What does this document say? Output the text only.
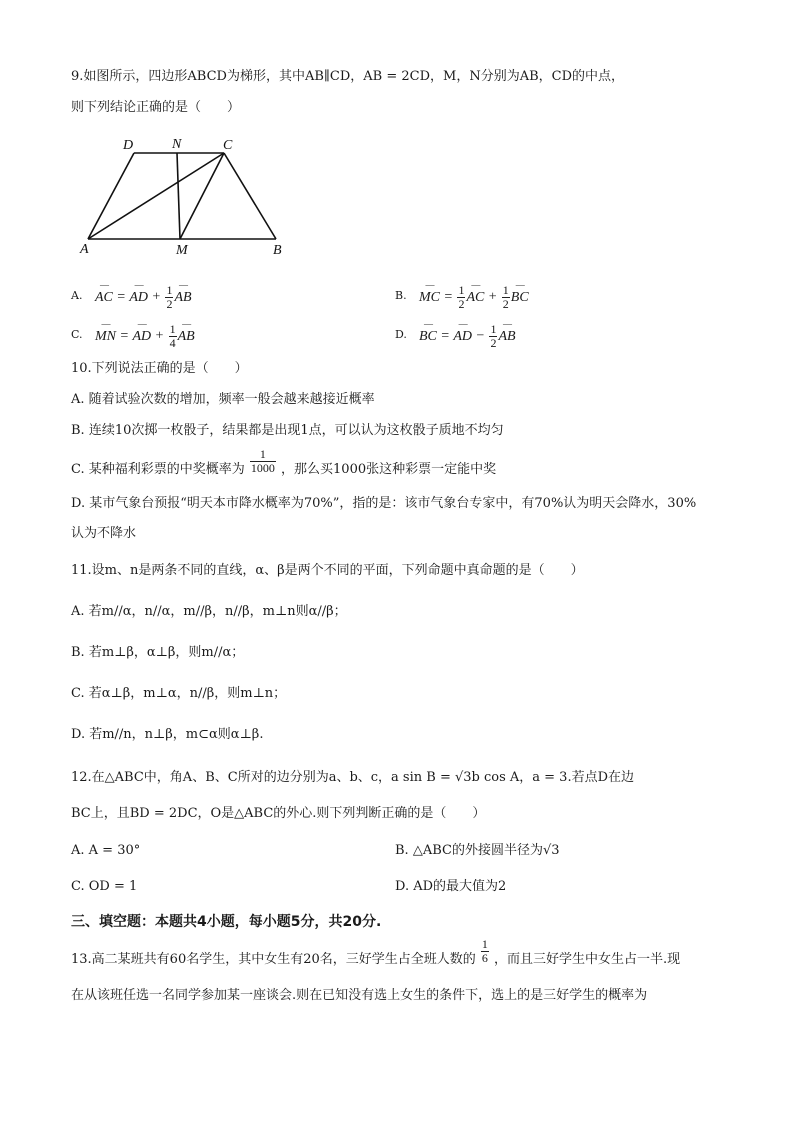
9.如图所示，四边形ABCD为梯形，其中AB∥CD，AB = 2CD，M，N分别为AB，CD的中点，
则下列结论正确的是（　　）
D	N	C
A	M	B
A. ― AC = ― AD + $\frac{1}{2}$ ― AB	B. ― MC = $\frac{1}{2}$ ― AC + $\frac{1}{2}$ ― BC
C. ― MN = ― AD + $\frac{1}{4}$ ― AB	D. ― BC = ― AD − $\frac{1}{2}$ ― AB
10.下列说法正确的是（　　）
A. 随着试验次数的增加，频率一般会越来越接近概率
B. 连续10次掷一枚骰子，结果都是出现1点，可以认为这枚骰子质地不均匀
C. 某种福利彩票的中奖概率为 $\frac{1}{1000}$ ，那么买1000张这种彩票一定能中奖
D. 某市气象台预报“明天本市降水概率为70%”，指的是：该市气象台专家中，有70%认为明天会降水，30%
认为不降水
11.设m、n是两条不同的直线，α、β是两个不同的平面，下列命题中真命题的是（　　）
A. 若m//α，n//α，m//β，n//β，m⊥n则α//β；
B. 若m⊥β，α⊥β，则m//α；
C. 若α⊥β，m⊥α，n//β，则m⊥n；
D. 若m//n，n⊥β，m⊂α则α⊥β.
12.在△ABC中，角A、B、C所对的边分别为a、b、c，a sin B = √3b cos A，a = 3.若点D在边
BC上，且BD = 2DC，O是△ABC的外心.则下列判断正确的是（　　）
A. A = 30°	B. △ABC的外接圆半径为√3
C. OD = 1	D. AD的最大值为2
三、填空题：本题共4小题，每小题5分，共20分.
13.高二某班共有60名学生，其中女生有20名，三好学生占全班人数的 $\frac{1}{6}$ ，而且三好学生中女生占一半.现
在从该班任选一名同学参加某一座谈会.则在已知没有选上女生的条件下，选上的是三好学生的概率为
